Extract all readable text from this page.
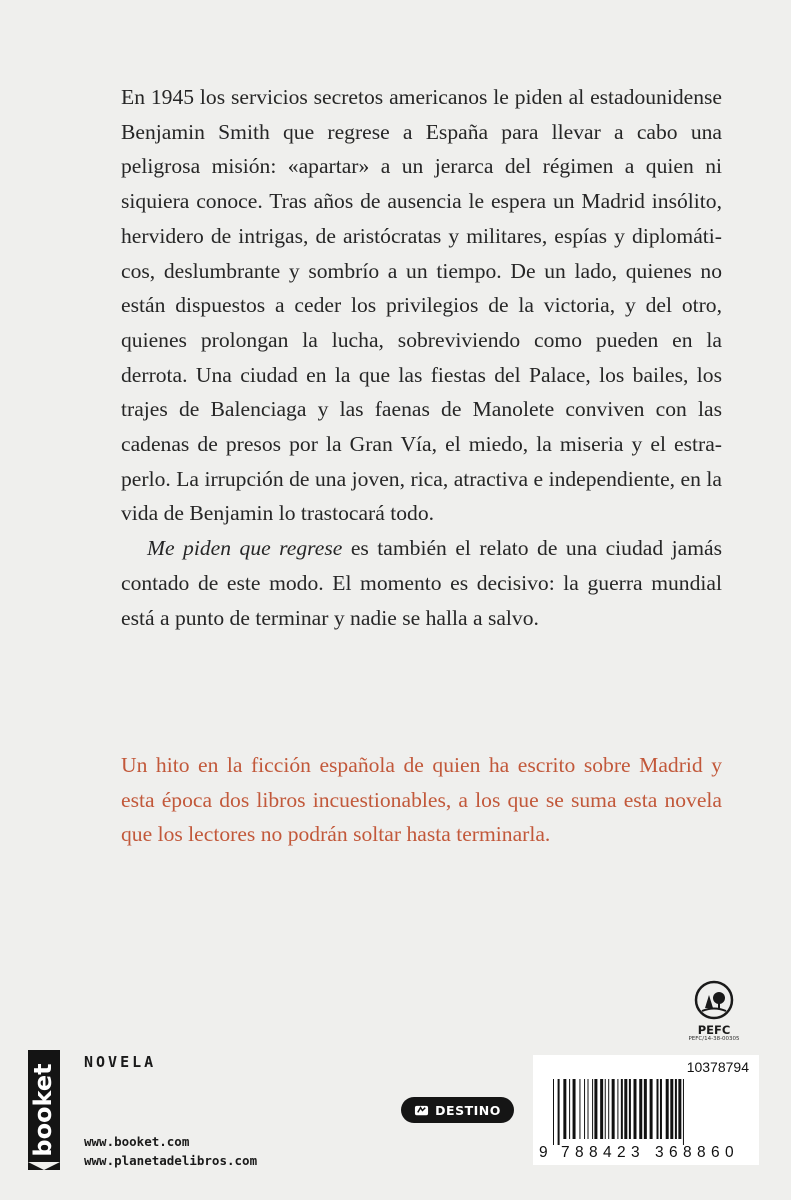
En 1945 los servicios secretos americanos le piden al estadounidense Benjamin Smith que regrese a España para llevar a cabo una peligrosa misión: «apartar» a un jerarca del régimen a quien ni siquiera conoce. Tras años de ausencia le espera un Madrid insólito, hervidero de intrigas, de aristócratas y militares, espías y diplomáticos, deslumbrante y sombrío a un tiempo. De un lado, quienes no están dispuestos a ceder los privilegios de la victoria, y del otro, quienes prolongan la lucha, sobreviviendo como pueden en la derrota. Una ciudad en la que las fiestas del Palace, los bailes, los trajes de Balenciaga y las faenas de Manolete conviven con las cadenas de presos por la Gran Vía, el miedo, la miseria y el estraperlo. La irrupción de una joven, rica, atractiva e independiente, en la vida de Benjamin lo trastocará todo.

Me piden que regrese es también el relato de una ciudad jamás contado de este modo. El momento es decisivo: la guerra mundial está a punto de terminar y nadie se halla a salvo.

Un hito en la ficción española de quien ha escrito sobre Madrid y esta época dos libros incuestionables, a los que se suma esta novela que los lectores no podrán soltar hasta terminarla.

NOVELA

www.booket.com
www.planetadelibros.com
booket	DESTINO
PEFC
PEFC/14-38-00305
10378794
9 7 8 8 4 2 3 3 6 8 8 6 0
